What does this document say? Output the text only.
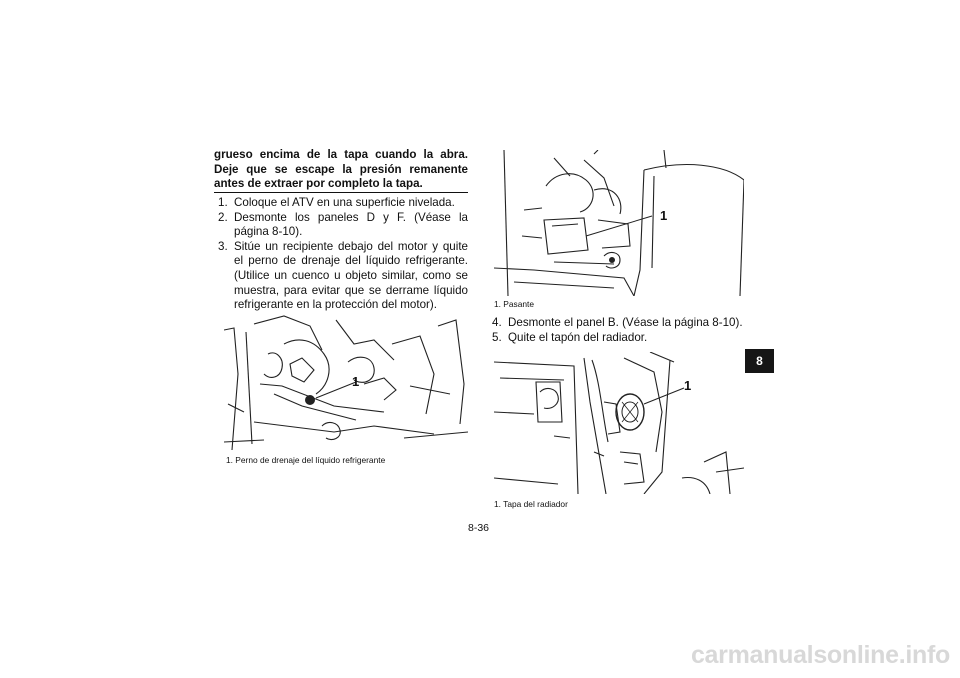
grueso encima de la tapa cuando la abra. Deje que se escape la presión remanente antes de extraer por completo la tapa.
1. Coloque el ATV en una superficie nivelada.
2. Desmonte los paneles D y F. (Véase la página 8-10).
3. Sitúe un recipiente debajo del motor y quite el perno de drenaje del líquido refrigerante. (Utilice un cuenco u objeto similar, como se muestra, para evitar que se derrame líquido refrigerante en la protección del motor).
1
1. Perno de drenaje del líquido refrigerante
1
1. Pasante
4. Desmonte el panel B. (Véase la página 8-10).
5. Quite el tapón del radiador.
1
1. Tapa del radiador
8
8-36
carmanualsonline.info
